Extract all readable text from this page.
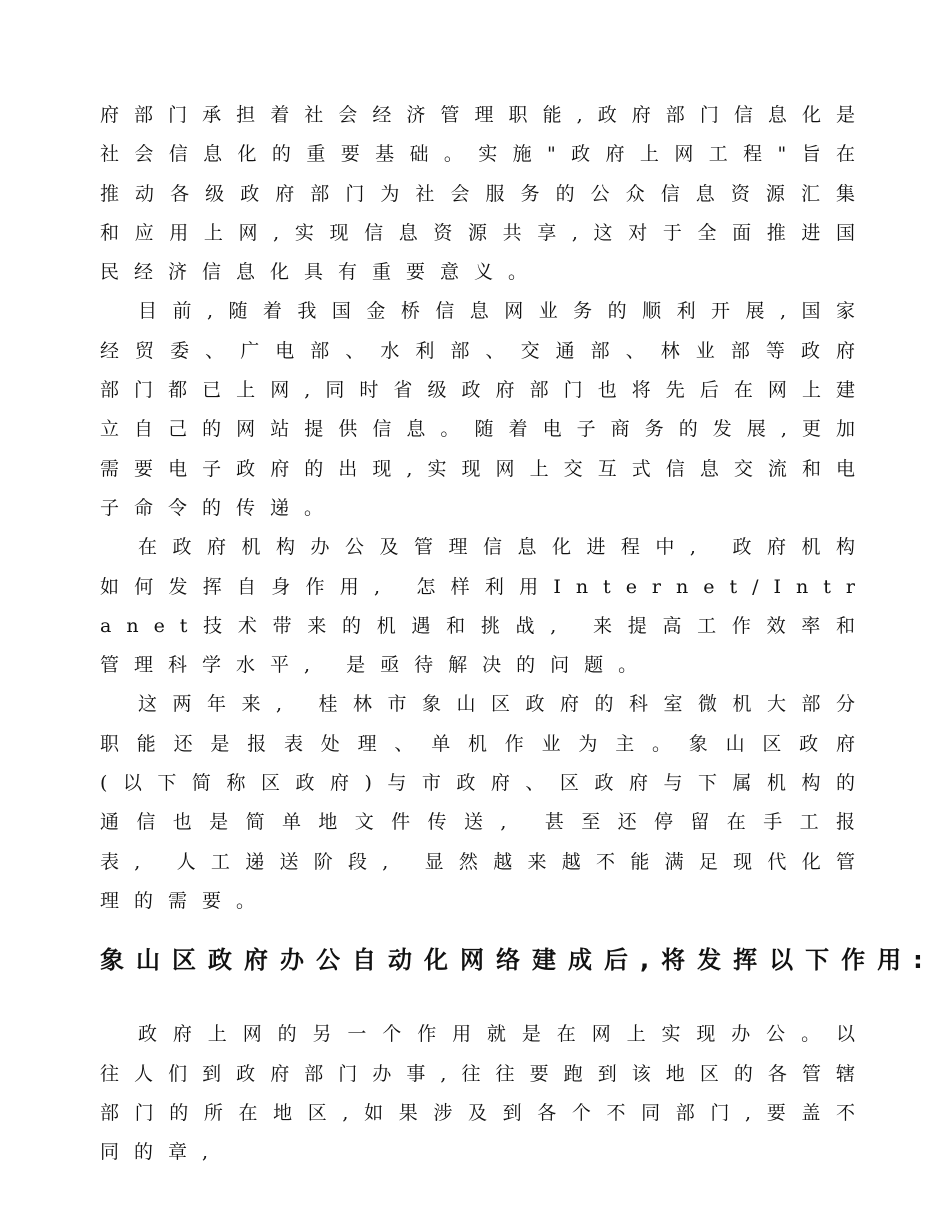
府部门承担着社会经济管理职能,政府部门信息化是社会信息化的重要基础。实施"政府上网工程"旨在推动各级政府部门为社会服务的公众信息资源汇集和应用上网,实现信息资源共享,这对于全面推进国民经济信息化具有重要意义。

目前,随着我国金桥信息网业务的顺利开展,国家经贸委、广电部、水利部、交通部、林业部等政府部门都已上网,同时省级政府部门也将先后在网上建立自己的网站提供信息。随着电子商务的发展,更加需要电子政府的出现,实现网上交互式信息交流和电子命令的传递。

在政府机构办公及管理信息化进程中, 政府机构如何发挥自身作用, 怎样利用Internet/Intranet技术带来的机遇和挑战, 来提高工作效率和管理科学水平, 是亟待解决的问题。

这两年来, 桂林市象山区政府的科室微机大部分职能还是报表处理、单机作业为主。象山区政府(以下简称区政府)与市政府、区政府与下属机构的通信也是简单地文件传送, 甚至还停留在手工报表, 人工递送阶段, 显然越来越不能满足现代化管理的需要。

象山区政府办公自动化网络建成后,将发挥以下作用:

政府上网的另一个作用就是在网上实现办公。以往人们到政府部门办事,往往要跑到该地区的各管辖部门的所在地区,如果涉及到各个不同部门,要盖不同的章,
